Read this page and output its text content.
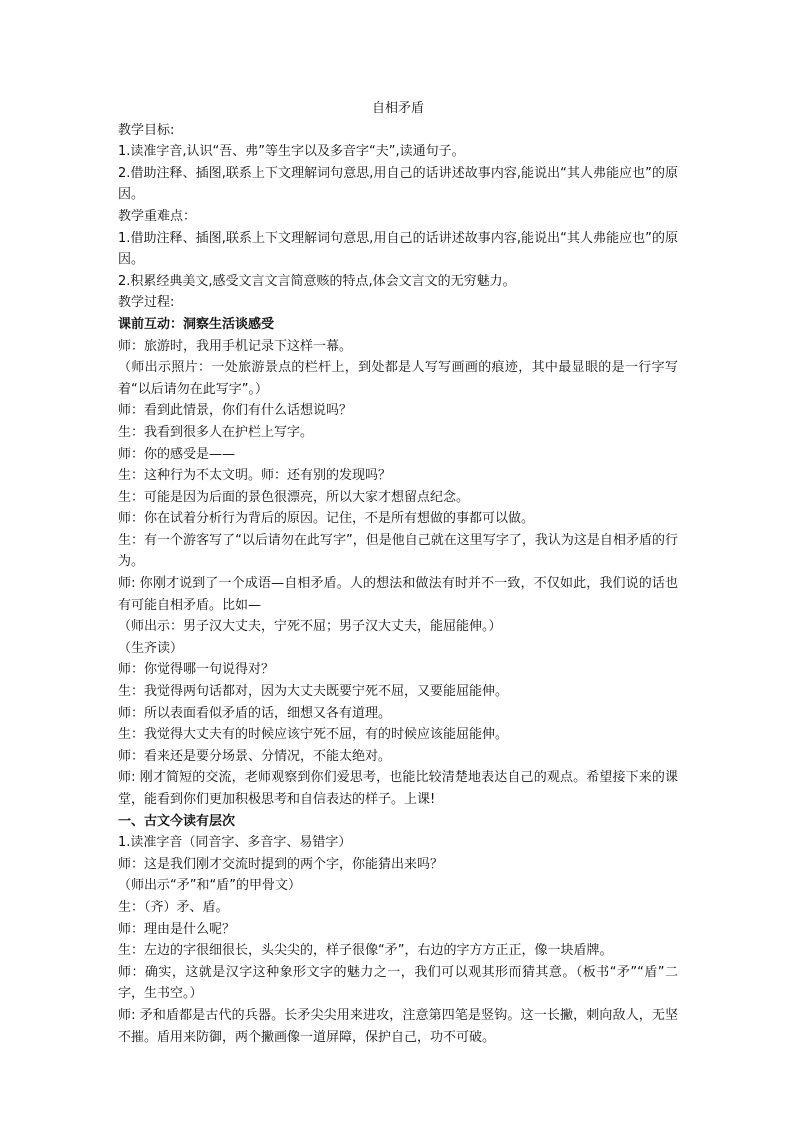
自相矛盾

教学目标:

1.读准字音,认识“吾、弗”等生字以及多音字“夫”,读通句子。

2.借助注释、插图,联系上下文理解词句意思,用自己的话讲述故事内容,能说出“其人弗能应也”的原因。

教学重难点：

1.借助注释、插图,联系上下文理解词句意思,用自己的话讲述故事内容,能说出“其人弗能应也”的原因。

2.积累经典美文,感受文言文言简意赅的特点,体会文言文的无穷魅力。

教学过程:

课前互动：洞察生活谈感受

师：旅游时，我用手机记录下这样一幕。

（师出示照片：一处旅游景点的栏杆上，到处都是人写写画画的痕迹，其中最显眼的是一行字写着“以后请勿在此写字”。）

师：看到此情景，你们有什么话想说吗？

生：我看到很多人在护栏上写字。

师：你的感受是——

生：这种行为不太文明。师：还有别的发现吗？

生：可能是因为后面的景色很漂亮，所以大家才想留点纪念。

师：你在试着分析行为背后的原因。记住，不是所有想做的事都可以做。

生：有一个游客写了“以后请勿在此写字”，但是他自己就在这里写字了，我认为这是自相矛盾的行为。

师: 你刚才说到了一个成语—自相矛盾。人的想法和做法有时并不一致，不仅如此，我们说的话也有可能自相矛盾。比如—

（师出示：男子汉大丈夫，宁死不屈；男子汉大丈夫，能屈能伸。）

（生齐读）

师：你觉得哪一句说得对？

生：我觉得两句话都对，因为大丈夫既要宁死不屈，又要能屈能伸。

师：所以表面看似矛盾的话，细想又各有道理。

生：我觉得大丈夫有的时候应该宁死不屈，有的时候应该能屈能伸。

师：看来还是要分场景、分情况，不能太绝对。

师: 刚才简短的交流，老师观察到你们爱思考，也能比较清楚地表达自己的观点。希望接下来的课堂，能看到你们更加积极思考和自信表达的样子。上课!

一、古文今读有层次

1.读准字音（同音字、多音字、易错字）

师：这是我们刚才交流时提到的两个字，你能猜出来吗？

（师出示“矛”和“盾”的甲骨文）

生：（齐）矛、盾。

师：理由是什么呢？

生：左边的字很细很长，头尖尖的，样子很像“矛”，右边的字方方正正，像一块盾牌。

师：确实，这就是汉字这种象形文字的魅力之一，我们可以观其形而猜其意。（板书“矛”“盾”二字，生书空。）

师: 矛和盾都是古代的兵器。长矛尖尖用来进攻，注意第四笔是竖钩。这一长撇，刺向敌人，无坚不摧。盾用来防御，两个撇画像一道屏障，保护自己，功不可破。
